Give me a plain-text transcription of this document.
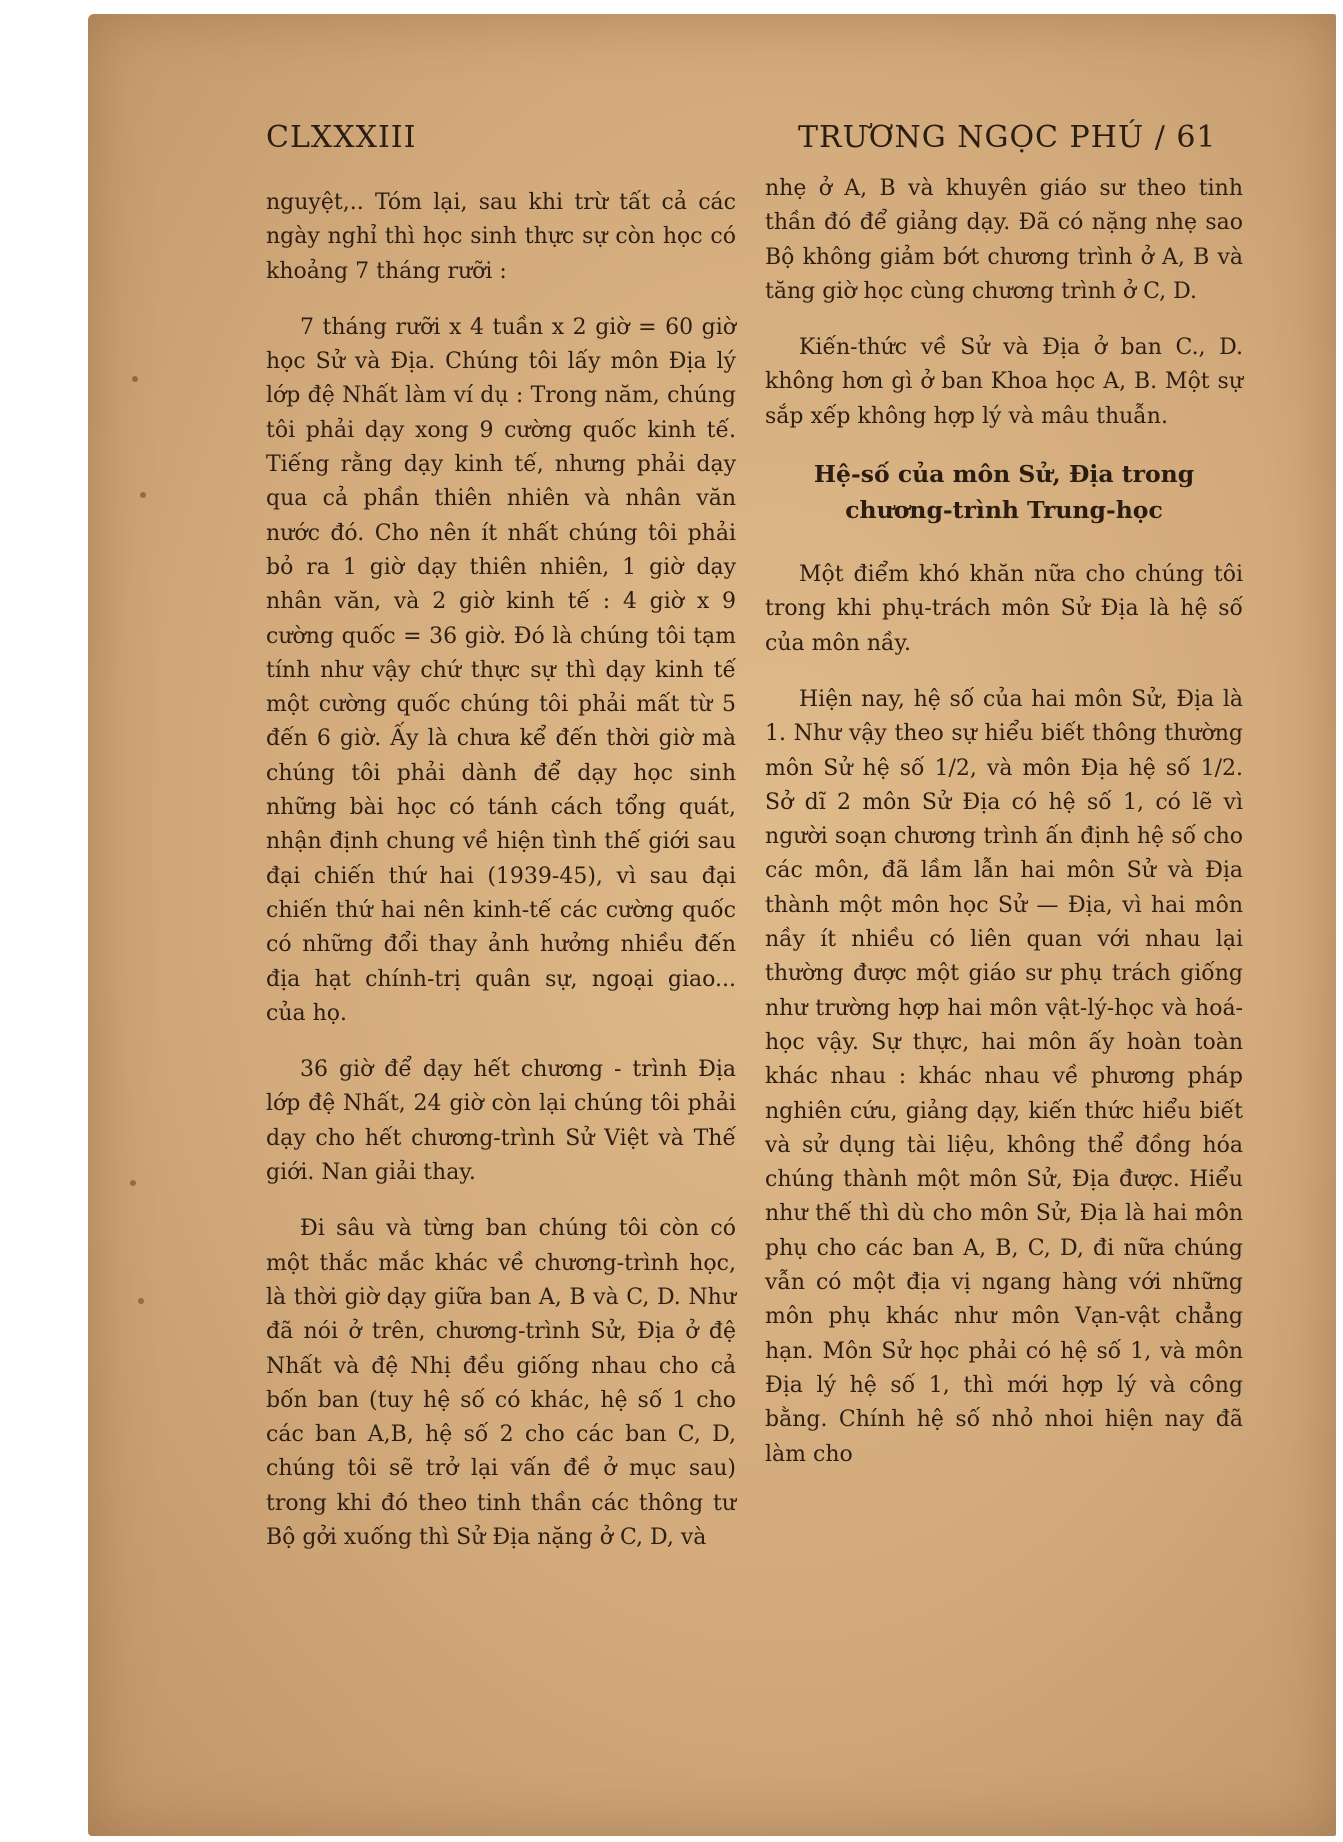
CLXXXIII	TRƯƠNG NGỌC PHÚ / 61

nguyệt,.. Tóm lại, sau khi trừ tất cả các ngày nghỉ thì học sinh thực sự còn học có khoảng 7 tháng rưỡi :

7 tháng rưỡi x 4 tuần x 2 giờ = 60 giờ học Sử và Địa. Chúng tôi lấy môn Địa lý lớp đệ Nhất làm ví dụ : Trong năm, chúng tôi phải dạy xong 9 cường quốc kinh tế. Tiếng rằng dạy kinh tế, nhưng phải dạy qua cả phần thiên nhiên và nhân văn nước đó. Cho nên ít nhất chúng tôi phải bỏ ra 1 giờ dạy thiên nhiên, 1 giờ dạy nhân văn, và 2 giờ kinh tế : 4 giờ x 9 cường quốc = 36 giờ. Đó là chúng tôi tạm tính như vậy chứ thực sự thì dạy kinh tế một cường quốc chúng tôi phải mất từ 5 đến 6 giờ. Ấy là chưa kể đến thời giờ mà chúng tôi phải dành để dạy học sinh những bài học có tánh cách tổng quát, nhận định chung về hiện tình thế giới sau đại chiến thứ hai (1939-45), vì sau đại chiến thứ hai nên kinh-tế các cường quốc có những đổi thay ảnh hưởng nhiều đến địa hạt chính-trị quân sự, ngoại giao... của họ.

36 giờ để dạy hết chương - trình Địa lớp đệ Nhất, 24 giờ còn lại chúng tôi phải dạy cho hết chương-trình Sử Việt và Thế giới. Nan giải thay.

Đi sâu và từng ban chúng tôi còn có một thắc mắc khác về chương-trình học, là thời giờ dạy giữa ban A, B và C, D. Như đã nói ở trên, chương-trình Sử, Địa ở đệ Nhất và đệ Nhị đều giống nhau cho cả bốn ban (tuy hệ số có khác, hệ số 1 cho các ban A,B, hệ số 2 cho các ban C, D, chúng tôi sẽ trở lại vấn đề ở mục sau) trong khi đó theo tinh thần các thông tư Bộ gởi xuống thì Sử Địa nặng ở C, D, và

nhẹ ở A, B và khuyên giáo sư theo tinh thần đó để giảng dạy. Đã có nặng nhẹ sao Bộ không giảm bớt chương trình ở A, B và tăng giờ học cùng chương trình ở C, D.

Kiến-thức về Sử và Địa ở ban C., D. không hơn gì ở ban Khoa học A, B. Một sự sắp xếp không hợp lý và mâu thuẫn.

Hệ-số của môn Sử, Địa trong
chương-trình Trung-học

Một điểm khó khăn nữa cho chúng tôi trong khi phụ-trách môn Sử Địa là hệ số của môn nầy.

Hiện nay, hệ số của hai môn Sử, Địa là 1. Như vậy theo sự hiểu biết thông thường môn Sử hệ số 1/2, và môn Địa hệ số 1/2. Sở dĩ 2 môn Sử Địa có hệ số 1, có lẽ vì người soạn chương trình ấn định hệ số cho các môn, đã lầm lẫn hai môn Sử và Địa thành một môn học Sử — Địa, vì hai môn nầy ít nhiều có liên quan với nhau lại thường được một giáo sư phụ trách giống như trường hợp hai môn vật-lý-học và hoá-học vậy. Sự thực, hai môn ấy hoàn toàn khác nhau : khác nhau về phương pháp nghiên cứu, giảng dạy, kiến thức hiểu biết và sử dụng tài liệu, không thể đồng hóa chúng thành một môn Sử, Địa được. Hiểu như thế thì dù cho môn Sử, Địa là hai môn phụ cho các ban A, B, C, D, đi nữa chúng vẫn có một địa vị ngang hàng với những môn phụ khác như môn Vạn-vật chẳng hạn. Môn Sử học phải có hệ số 1, và môn Địa lý hệ số 1, thì mới hợp lý và công bằng. Chính hệ số nhỏ nhoi hiện nay đã làm cho
